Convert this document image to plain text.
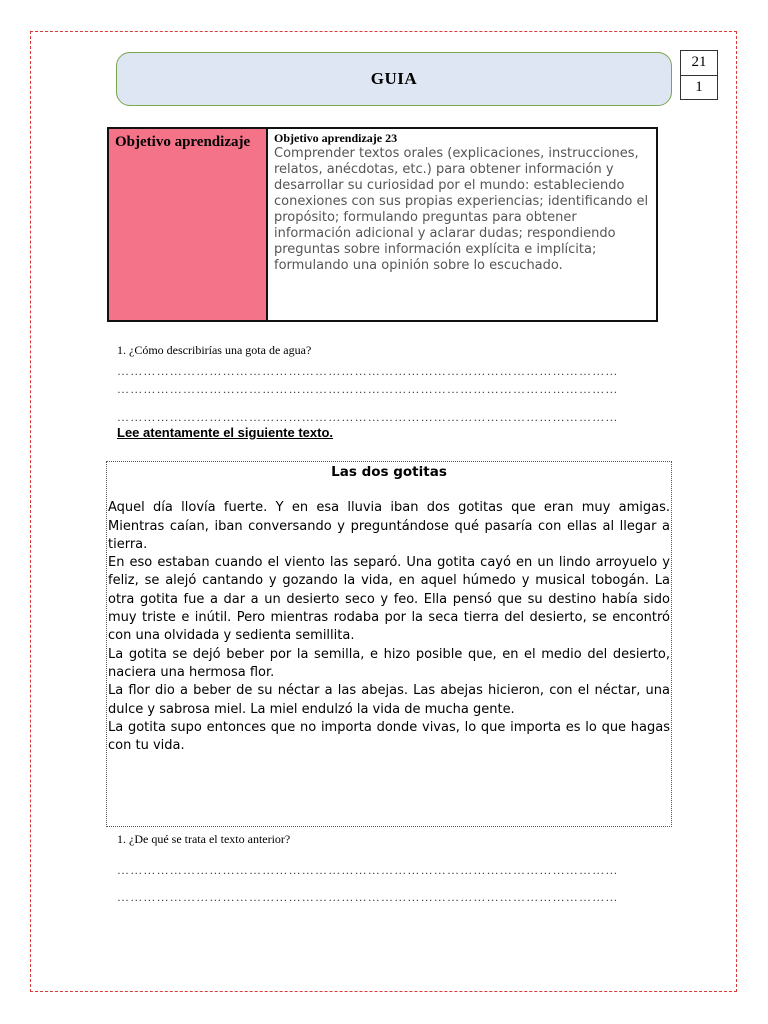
GUIA
21
1
Objetivo aprendizaje	Objetivo aprendizaje 23
Comprender textos orales (explicaciones, instrucciones, relatos, anécdotas, etc.) para obtener información y desarrollar su curiosidad por el mundo: estableciendo conexiones con sus propias experiencias; identificando el propósito; formulando preguntas para obtener información adicional y aclarar dudas; respondiendo preguntas sobre información explícita e implícita; formulando una opinión sobre lo escuchado.
1. ¿Cómo describirías una gota de agua?
……………………………………………………………………………………………………
……………………………………………………………………………………………………
……………………………………………………………………………………………………
Lee atentamente el siguiente texto.
Las dos gotitas

Aquel día llovía fuerte. Y en esa lluvia iban dos gotitas que eran muy amigas. Mientras caían, iban conversando y preguntándose qué pasaría con ellas al llegar a tierra.

En eso estaban cuando el viento las separó. Una gotita cayó en un lindo arroyuelo y feliz, se alejó cantando y gozando la vida, en aquel húmedo y musical tobogán. La otra gotita fue a dar a un desierto seco y feo. Ella pensó que su destino había sido muy triste e inútil. Pero mientras rodaba por la seca tierra del desierto, se encontró con una olvidada y sedienta semillita.

La gotita se dejó beber por la semilla, e hizo posible que, en el medio del desierto, naciera una hermosa flor.

La flor dio a beber de su néctar a las abejas. Las abejas hicieron, con el néctar, una dulce y sabrosa miel. La miel endulzó la vida de mucha gente.

La gotita supo entonces que no importa donde vivas, lo que importa es lo que hagas con tu vida.

1. ¿De qué se trata el texto anterior?
……………………………………………………………………………………………………
……………………………………………………………………………………………………
